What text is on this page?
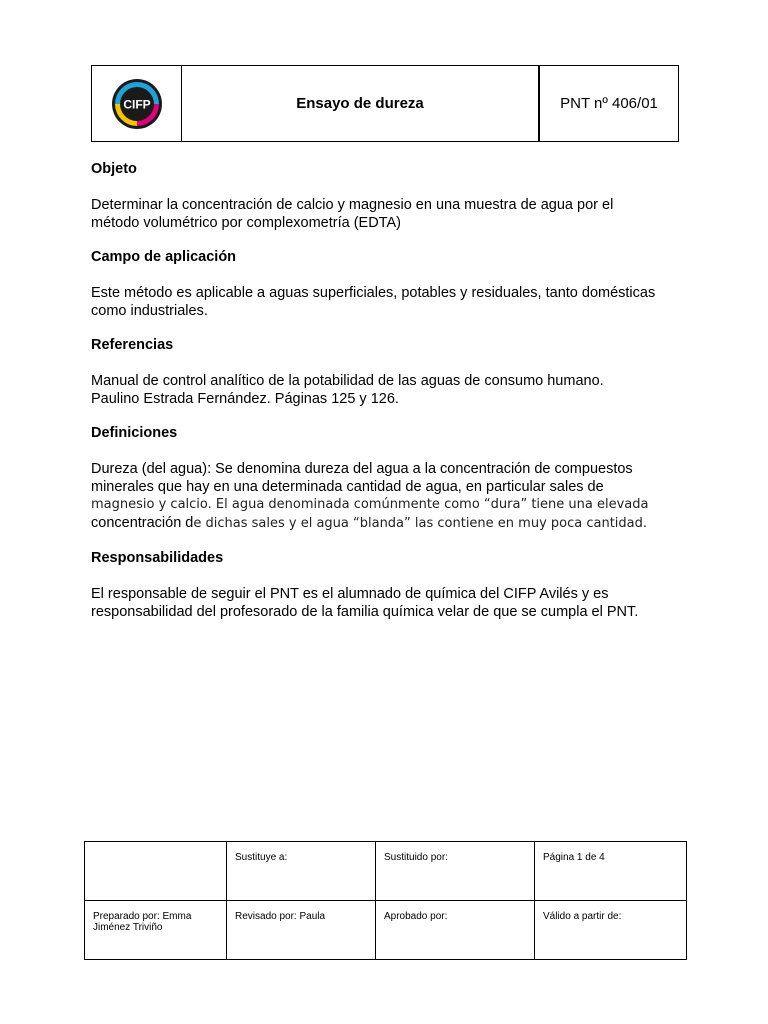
CIFP	Ensayo de dureza	PNT nº 406/01

Objeto

Determinar la concentración de calcio y magnesio en una muestra de agua por el

método volumétrico por complexometría (EDTA)

Campo de aplicación

Este método es aplicable a aguas superficiales, potables y residuales, tanto domésticas

como industriales.

Referencias

Manual de control analítico de la potabilidad de las aguas de consumo humano.

Paulino Estrada Fernández. Páginas 125 y 126.

Definiciones

Dureza (del agua): Se denomina dureza del agua a la concentración de compuestos

minerales que hay en una determinada cantidad de agua, en particular sales de

magnesio y calcio. El agua denominada comúnmente como “dura” tiene una elevada

concentración de dichas sales y el agua “blanda” las contiene en muy poca cantidad.

Responsabilidades

El responsable de seguir el PNT es el alumnado de química del CIFP Avilés y es

responsabilidad del profesorado de la familia química velar de que se cumpla el PNT.

	Sustituye a:	Sustituido por:	Página 1 de 4
Preparado por: Emma Jiménez Triviño	Revisado por: Paula	Aprobado por:	Válido a partir de:
